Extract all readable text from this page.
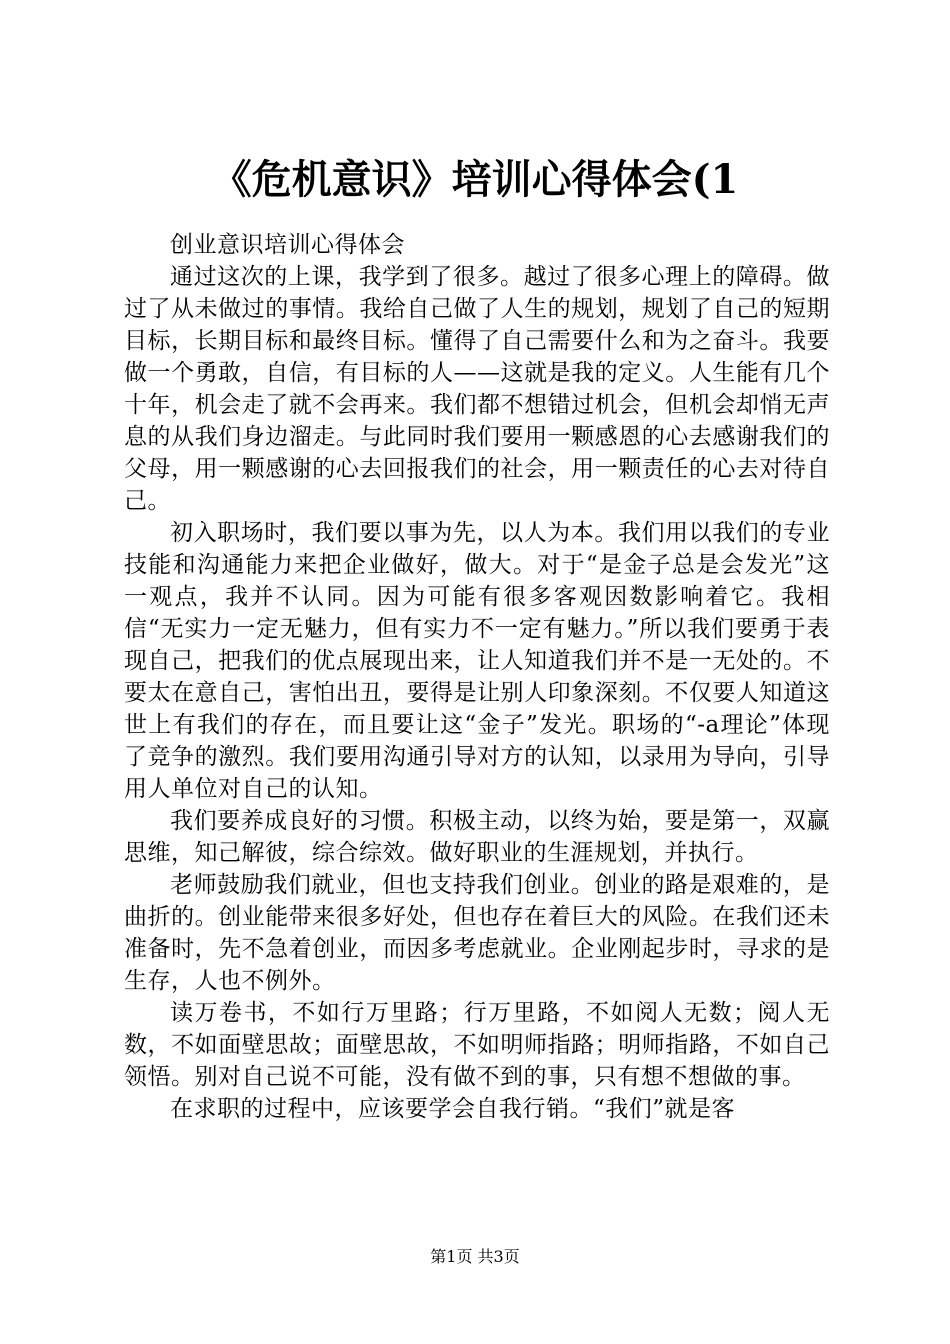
《危机意识》培训心得体会(1

创业意识培训心得体会

通过这次的上课，我学到了很多。越过了很多心理上的障碍。做过了从未做过的事情。我给自己做了人生的规划，规划了自己的短期目标，长期目标和最终目标。懂得了自己需要什么和为之奋斗。我要做一个勇敢，自信，有目标的人——这就是我的定义。人生能有几个十年，机会走了就不会再来。我们都不想错过机会，但机会却悄无声息的从我们身边溜走。与此同时我们要用一颗感恩的心去感谢我们的父母，用一颗感谢的心去回报我们的社会，用一颗责任的心去对待自己。

初入职场时，我们要以事为先，以人为本。我们用以我们的专业技能和沟通能力来把企业做好，做大。对于“是金子总是会发光”这一观点，我并不认同。因为可能有很多客观因数影响着它。我相信“无实力一定无魅力，但有实力不一定有魅力。”所以我们要勇于表现自己，把我们的优点展现出来，让人知道我们并不是一无处的。不要太在意自己，害怕出丑，要得是让别人印象深刻。不仅要人知道这世上有我们的存在，而且要让这“金子”发光。职场的“-a理论”体现了竞争的激烈。我们要用沟通引导对方的认知，以录用为导向，引导用人单位对自己的认知。

我们要养成良好的习惯。积极主动，以终为始，要是第一，双赢思维，知己解彼，综合综效。做好职业的生涯规划，并执行。

老师鼓励我们就业，但也支持我们创业。创业的路是艰难的，是曲折的。创业能带来很多好处，但也存在着巨大的风险。在我们还未准备时，先不急着创业，而因多考虑就业。企业刚起步时，寻求的是生存，人也不例外。

读万卷书，不如行万里路；行万里路，不如阅人无数；阅人无数，不如面壁思故；面壁思故，不如明师指路；明师指路，不如自己领悟。别对自己说不可能，没有做不到的事，只有想不想做的事。

在求职的过程中，应该要学会自我行销。“我们”就是客

第1页 共3页
